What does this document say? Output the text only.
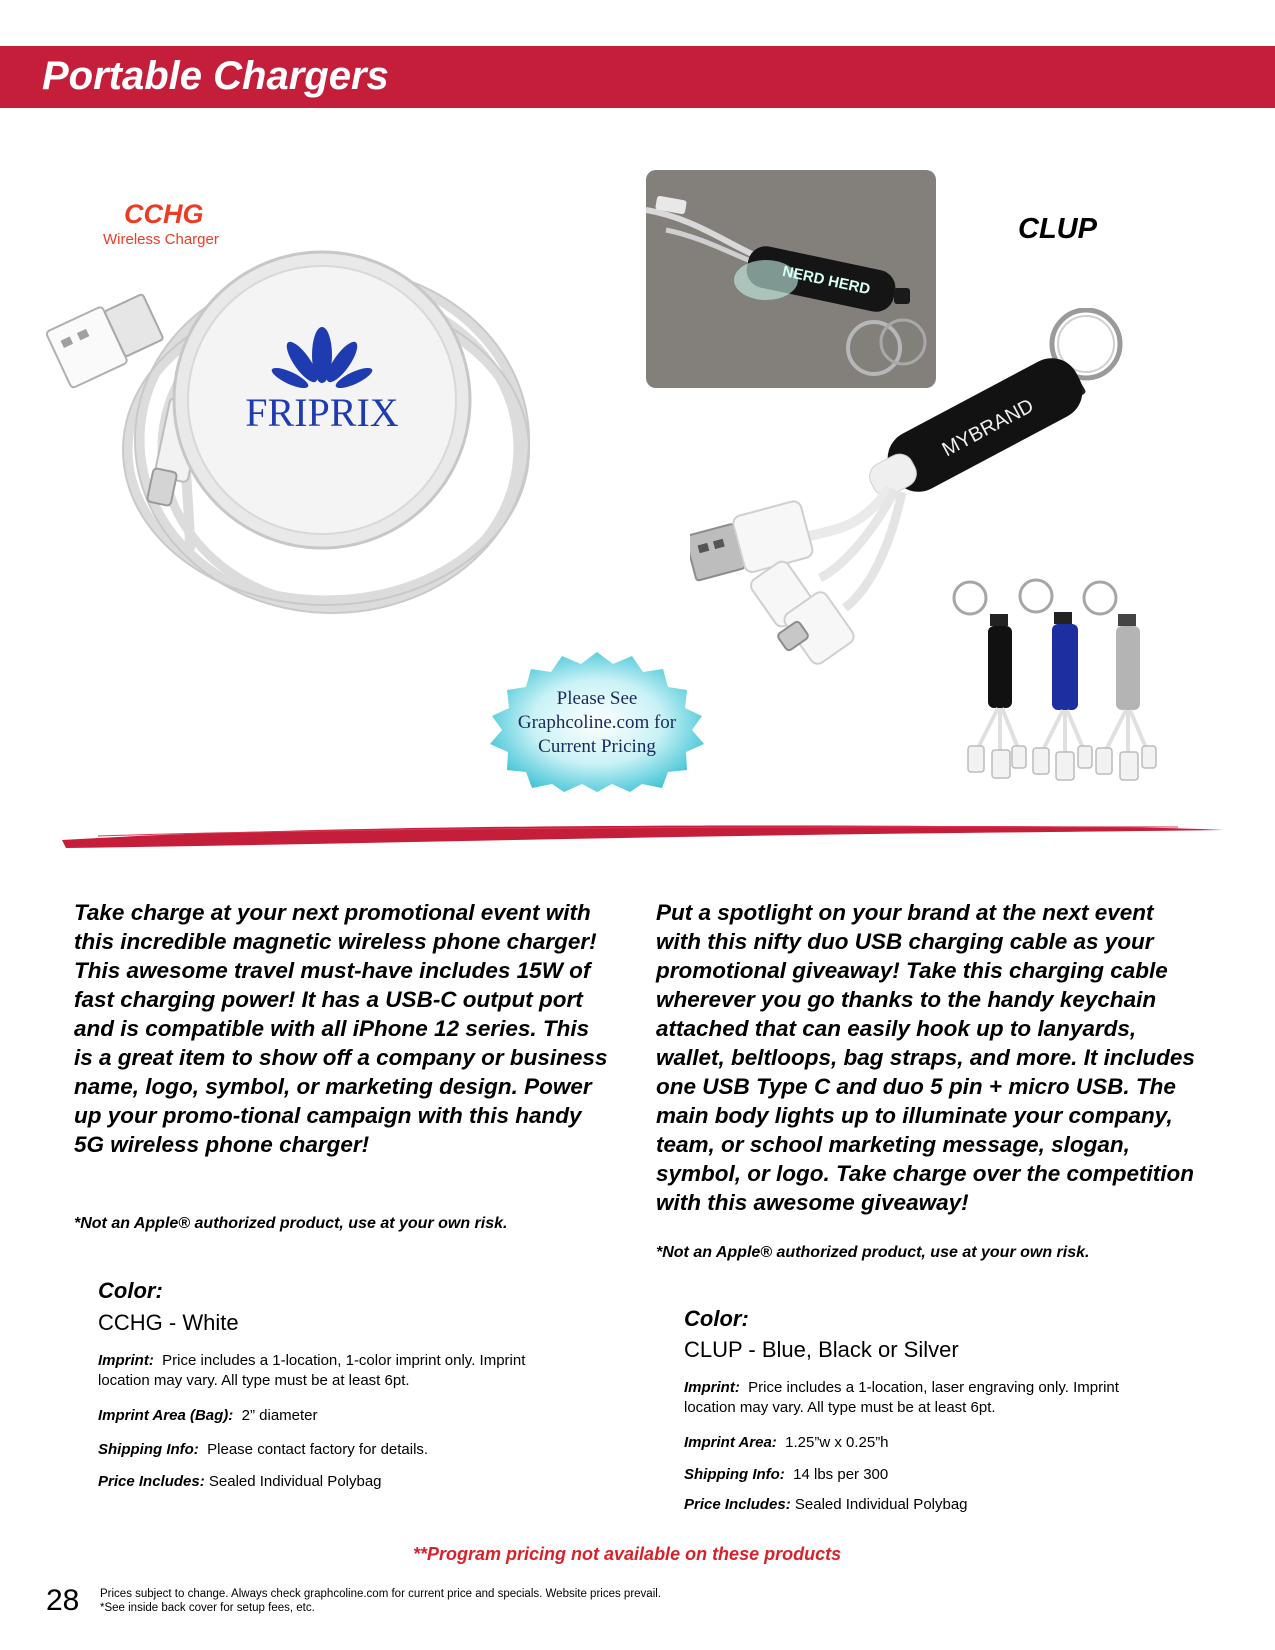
Portable Chargers
CCHG
Wireless Charger
FRIPRIX
CLUP
NERD HERD
MYBRAND
Please See
Graphcoline.com for
Current Pricing
Take charge at your next promotional event with this incredible magnetic wireless phone charger! This awesome travel must-have includes 15W of fast charging power! It has a USB-C output port and is compatible with all iPhone 12 series. This is a great item to show off a company or business name, logo, symbol, or marketing design. Power up your promo-tional campaign with this handy 5G wireless phone charger!
*Not an Apple® authorized product, use at your own risk.
Color:
CCHG - White
Imprint: Price includes a 1-location, 1-color imprint only. Imprint location may vary. All type must be at least 6pt.
Imprint Area (Bag): 2” diameter
Shipping Info: Please contact factory for details.
Price Includes: Sealed Individual Polybag
Put a spotlight on your brand at the next event with this nifty duo USB charging cable as your promotional giveaway! Take this charging cable wherever you go thanks to the handy keychain attached that can easily hook up to lanyards, wallet, beltloops, bag straps, and more. It includes one USB Type C and duo 5 pin + micro USB. The main body lights up to illuminate your company, team, or school marketing message, slogan, symbol, or logo. Take charge over the competition with this awesome giveaway!
*Not an Apple® authorized product, use at your own risk.
Color:
CLUP - Blue, Black or Silver
Imprint: Price includes a 1-location, laser engraving only. Imprint location may vary. All type must be at least 6pt.
Imprint Area: 1.25”w x 0.25”h
Shipping Info: 14 lbs per 300
Price Includes: Sealed Individual Polybag
**Program pricing not available on these products
28 Prices subject to change. Always check graphcoline.com for current price and specials. Website prices prevail.
*See inside back cover for setup fees, etc.
